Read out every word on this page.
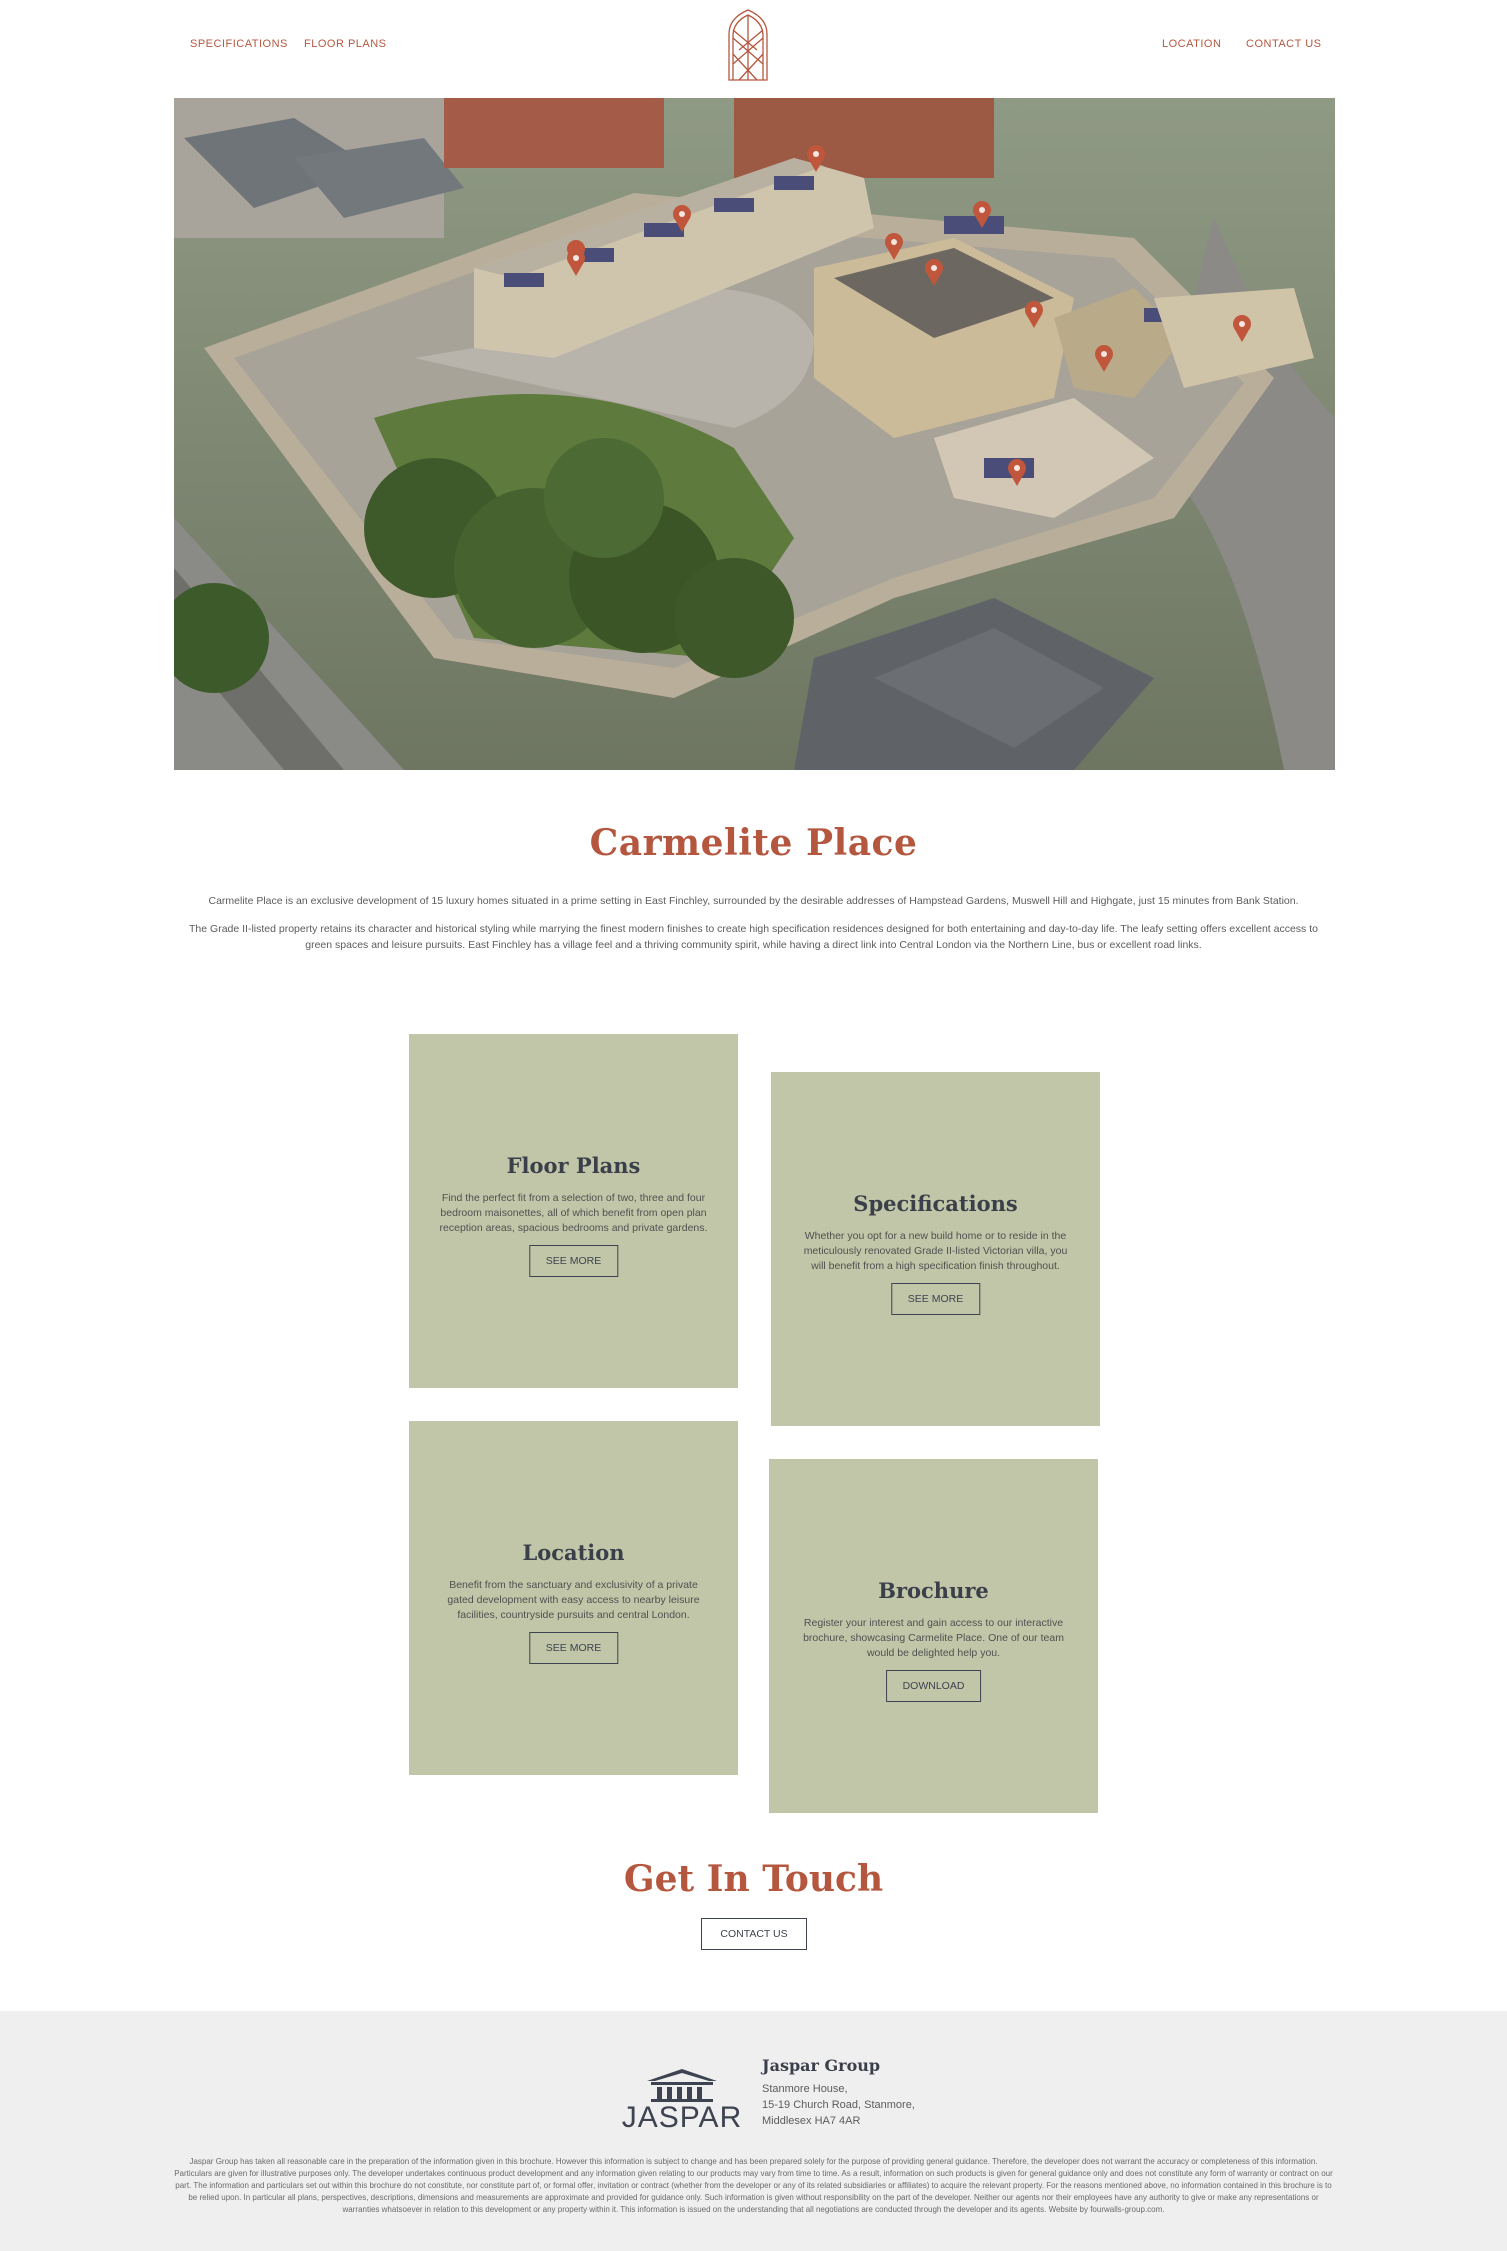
SPECIFICATIONS FLOOR PLANS	LOCATION CONTACT US
Carmelite Place

Carmelite Place is an exclusive development of 15 luxury homes situated in a prime setting in East Finchley, surrounded by the desirable addresses of Hampstead Gardens, Muswell Hill and Highgate, just 15 minutes from Bank Station.

The Grade II-listed property retains its character and historical styling while marrying the finest modern finishes to create high specification residences designed for both entertaining and day-to-day life. The leafy setting offers excellent access to green spaces and leisure pursuits. East Finchley has a village feel and a thriving community spirit, while having a direct link into Central London via the Northern Line, bus or excellent road links.

Floor Plans

Find the perfect fit from a selection of two, three and four bedroom maisonettes, all of which benefit from open plan reception areas, spacious bedrooms and private gardens.

SEE MORE
Specifications

Whether you opt for a new build home or to reside in the meticulously renovated Grade II-listed Victorian villa, you will benefit from a high specification finish throughout.

SEE MORE
Location

Benefit from the sanctuary and exclusivity of a private gated development with easy access to nearby leisure facilities, countryside pursuits and central London.

SEE MORE
Brochure

Register your interest and gain access to our interactive brochure, showcasing Carmelite Place. One of our team would be delighted help you.

DOWNLOAD
Get In Touch
CONTACT US
JASPAR
Jaspar Group
Stanmore House,
15-19 Church Road, Stanmore,
Middlesex HA7 4AR

Jaspar Group has taken all reasonable care in the preparation of the information given in this brochure. However this information is subject to change and has been prepared solely for the purpose of providing general guidance. Therefore, the developer does not warrant the accuracy or completeness of this information. Particulars are given for illustrative purposes only. The developer undertakes continuous product development and any information given relating to our products may vary from time to time. As a result, information on such products is given for general guidance only and does not constitute any form of warranty or contract on our part. The information and particulars set out within this brochure do not constitute, nor constitute part of, or formal offer, invitation or contract (whether from the developer or any of its related subsidiaries or affiliates) to acquire the relevant property. For the reasons mentioned above, no information contained in this brochure is to be relied upon. In particular all plans, perspectives, descriptions, dimensions and measurements are approximate and provided for guidance only. Such information is given without responsibility on the part of the developer. Neither our agents nor their employees have any authority to give or make any representations or warranties whatsoever in relation to this development or any property within it. This information is issued on the understanding that all negotiations are conducted through the developer and its agents. Website by fourwalls-group.com.
